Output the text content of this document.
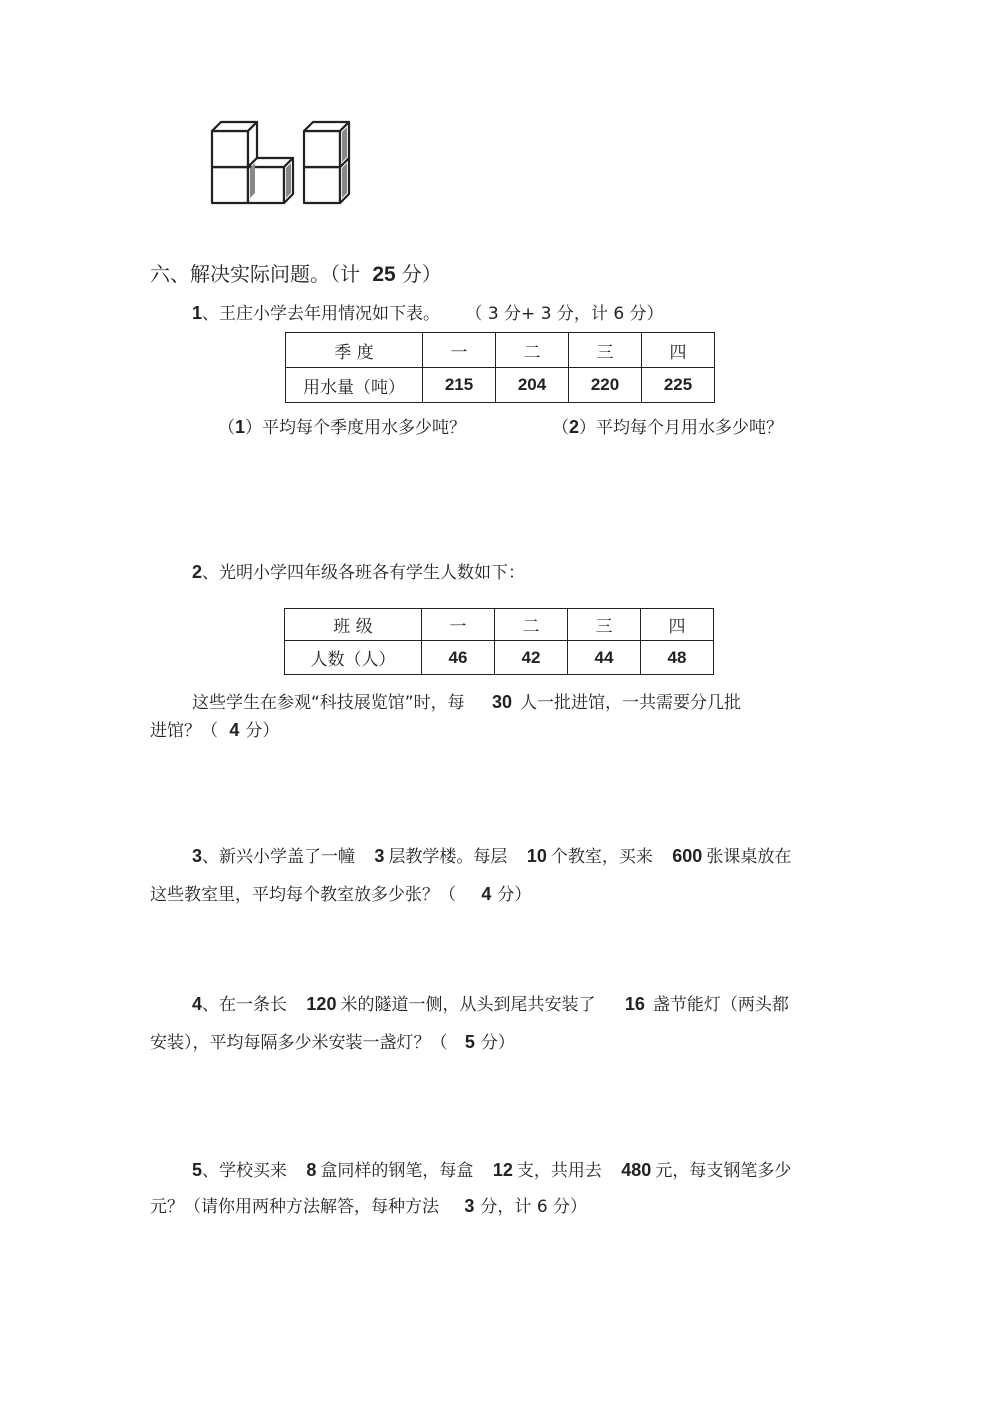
六、解决实际问题。（计 25 分）
1、王庄小学去年用情况如下表。 （ 3 分+ 3 分，计 6 分）
季 度	一	二	三	四
用水量（吨）	215	204	220	225
（1）平均每个季度用水多少吨？	（2）平均每个月用水多少吨？
2、光明小学四年级各班各有学生人数如下：
班 级	一	二	三	四
人数（人）	46	42	44	48
这些学生在参观“科技展览馆”时，每 30 人一批进馆，一共需要分几批
进馆？（ 4 分）
3、新兴小学盖了一幢 3 层教学楼。每层 10 个教室，买来 600 张课桌放在
这些教室里，平均每个教室放多少张？（ 4 分）
4、在一条长 120 米的隧道一侧，从头到尾共安装了 16 盏节能灯（两头都
安装），平均每隔多少米安装一盏灯？（ 5 分）
5、学校买来 8 盒同样的钢笔，每盒 12 支，共用去 480 元，每支钢笔多少
元？（请你用两种方法解答，每种方法 3 分，计 6 分）
